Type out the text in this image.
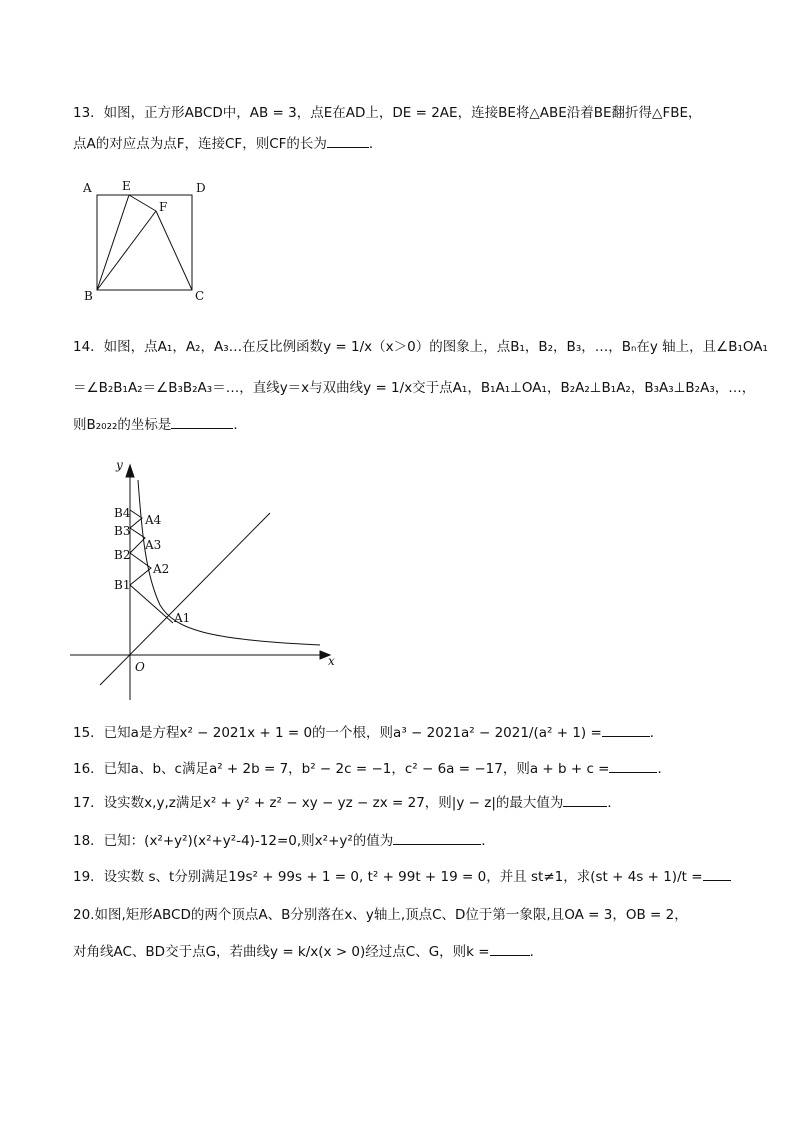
13．如图，正方形ABCD中，AB = 3，点E在AD上，DE = 2AE，连接BE将△ABE沿着BE翻折得△FBE，
点A的对应点为点F，连接CF，则CF的长为	．
A	E	D
F
B	C
14．如图，点A₁，A₂，A₃…在反比例函数y = 1/x（x＞0）的图象上，点B₁，B₂，B₃，…，Bₙ在y 轴上，且∠B₁OA₁
＝∠B₂B₁A₂＝∠B₃B₂A₃＝…，直线y＝x与双曲线y = 1/x交于点A₁，B₁A₁⊥OA₁，B₂A₂⊥B₁A₂，B₃A₃⊥B₂A₃，…，
则B₂₀₂₂的坐标是	．
y
x
O
B4 A4
B3
A3
B2
A2
B1
A1
15．已知a是方程x² − 2021x + 1 = 0的一个根，则a³ − 2021a² − 2021/(a² + 1) =	．
16．已知a、b、c满足a² + 2b = 7，b² − 2c = −1，c² − 6a = −17，则a + b + c =	．
17．设实数x,y,z满足x² + y² + z² − xy − yz − zx = 27，则|y − z|的最大值为	．
18．已知：(x²+y²)(x²+y²-4)-12=0,则x²+y²的值为	．
19．设实数 s、t分别满足19s² + 99s + 1 = 0, t² + 99t + 19 = 0，并且 st≠1，求(st + 4s + 1)/t =
20.如图,矩形ABCD的两个顶点A、B分别落在x、y轴上,顶点C、D位于第一象限,且OA = 3，OB = 2，
对角线AC、BD交于点G，若曲线y = k/x(x > 0)经过点C、G，则k =	．
